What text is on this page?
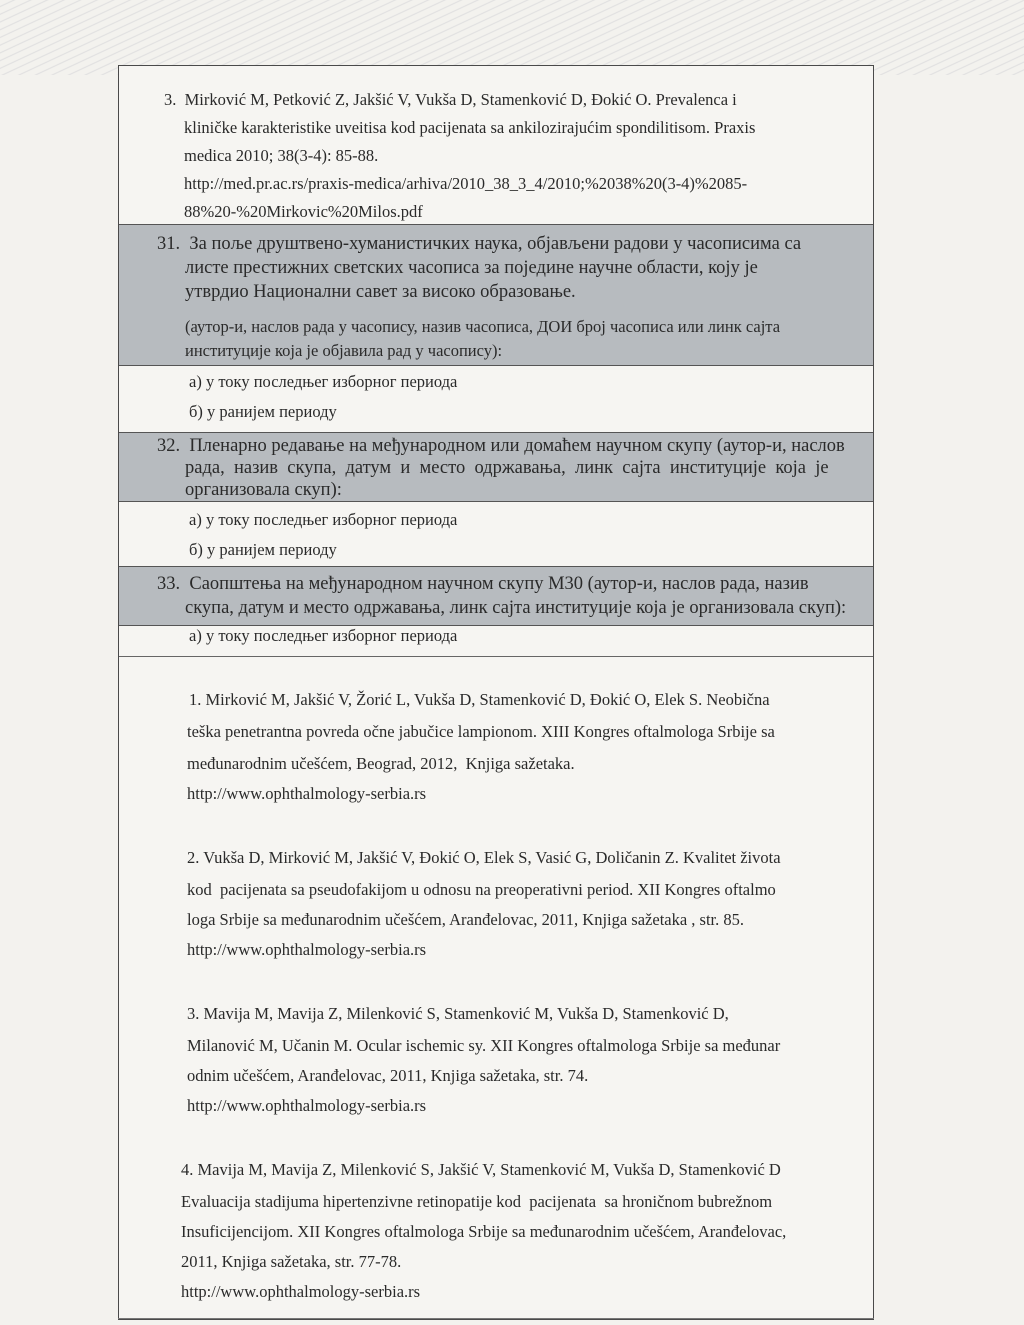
3.  Mirković M, Petković Z, Jakšić V, Vukša D, Stamenković D, Đokić O. Prevalenca i
kliničke karakteristike uveitisa kod pacijenata sa ankilozirajućim spondilitisom. Praxis
medica 2010; 38(3-4): 85-88.
http://med.pr.ac.rs/praxis-medica/arhiva/2010_38_3_4/2010;%2038%20(3-4)%2085-
88%20-%20Mirkovic%20Milos.pdf
31.  За поље друштвено-хуманистичких наука, објављени радови у часописима са
листе престижних светских часописа за појединe научне области, коју је
утврдио Национални савет за високо образовање.
(аутор-и, наслов рада у часопису, назив часописа, ДОИ број часописа или линк сајта
институције која је објавила рад у часопису):
а) у току последњег изборног периода
б) у ранијем периоду
32.  Пленарно редавање на међународном или домаћем научном скупу (аутор-и, наслов
рада,  назив  скупа,  датум  и  место  одржавања,  линк  сајта  институције  која  је
организовала скуп):
а) у току последњег изборног периода
б) у ранијем периоду
33.  Саопштења на међународном научном скупу М30 (аутор-и, наслов рада, назив
скупа, датум и место одржавања, линк сајта институције која је организовала скуп):
а) у току последњег изборног периода
1. Mirković M, Jakšić V, Žorić L, Vukša D, Stamenković D, Đokić O, Elek S. Neobična
teška penetrantna povreda očne jabučice lampionom. XIII Kongres oftalmologa Srbije sa
međunarodnim učešćem, Beograd, 2012,  Knjiga sažetaka.
http://www.ophthalmology-serbia.rs
2. Vukša D, Mirković M, Jakšić V, Đokić O, Elek S, Vasić G, Doličanin Z. Kvalitet života
kod  pacijenata sa pseudofakijom u odnosu na preoperativni period. XII Kongres oftalmo
loga Srbije sa međunarodnim učešćem, Aranđelovac, 2011, Knjiga sažetaka , str. 85.
http://www.ophthalmology-serbia.rs
3. Mavija M, Mavija Z, Milenković S, Stamenković M, Vukša D, Stamenković D,
Milanović M, Učanin M. Ocular ischemic sy. XII Kongres oftalmologa Srbije sa međunar
odnim učešćem, Aranđelovac, 2011, Knjiga sažetaka, str. 74.
http://www.ophthalmology-serbia.rs
4. Mavija M, Mavija Z, Milenković S, Jakšić V, Stamenković M, Vukša D, Stamenković D
Evaluacija stadijuma hipertenzivne retinopatije kod  pacijenata  sa hroničnom bubrežnom
Insuficijencijom. XII Kongres oftalmologa Srbije sa međunarodnim učešćem, Aranđelovac,
2011, Knjiga sažetaka, str. 77-78.
http://www.ophthalmology-serbia.rs
